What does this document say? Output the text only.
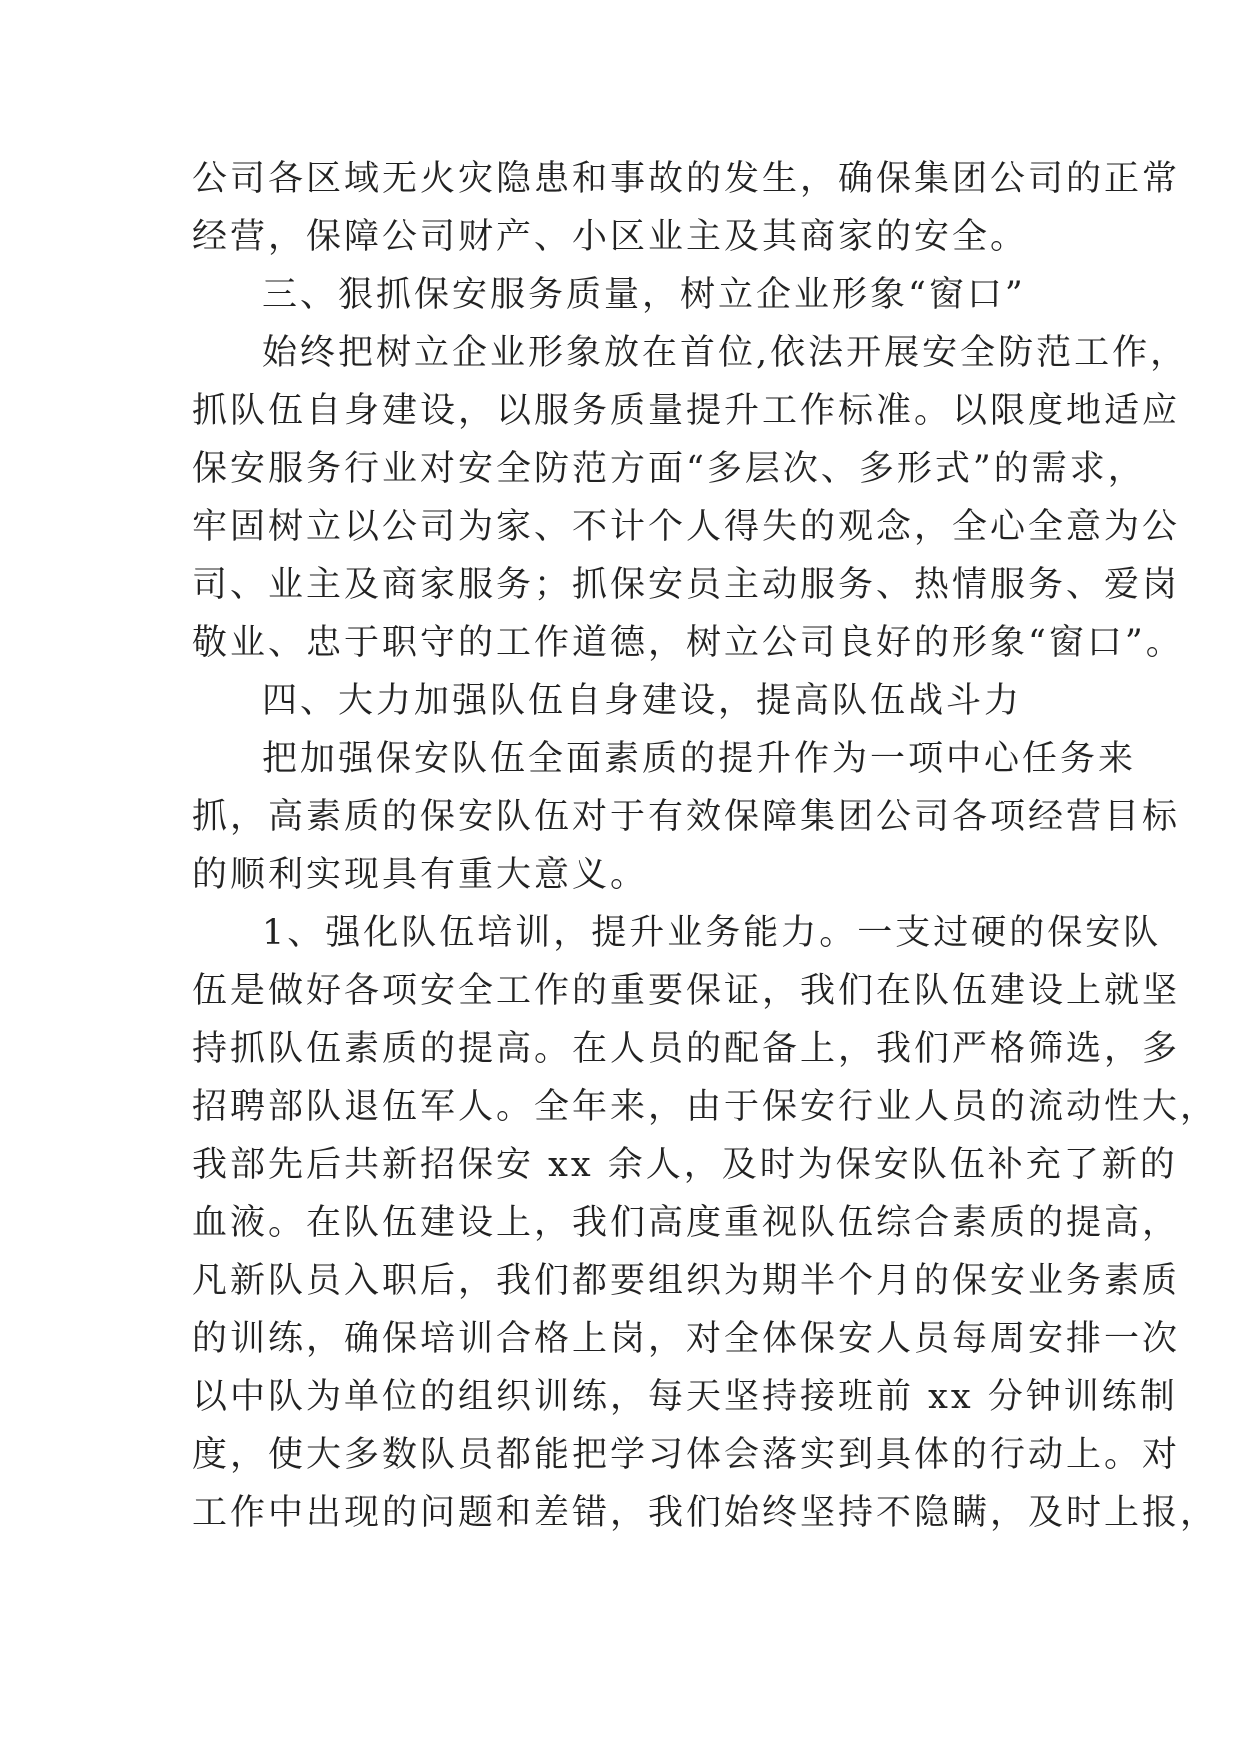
公司各区域无火灾隐患和事故的发生，确保集团公司的正常
经营，保障公司财产、小区业主及其商家的安全。
三、狠抓保安服务质量，树立企业形象“窗口”
始终把树立企业形象放在首位,依法开展安全防范工作，
抓队伍自身建设，以服务质量提升工作标准。以限度地适应
保安服务行业对安全防范方面“多层次、多形式”的需求，
牢固树立以公司为家、不计个人得失的观念，全心全意为公
司、业主及商家服务；抓保安员主动服务、热情服务、爱岗
敬业、忠于职守的工作道德，树立公司良好的形象“窗口”。
四、大力加强队伍自身建设，提高队伍战斗力
把加强保安队伍全面素质的提升作为一项中心任务来
抓，高素质的保安队伍对于有效保障集团公司各项经营目标
的顺利实现具有重大意义。
1、强化队伍培训，提升业务能力。一支过硬的保安队
伍是做好各项安全工作的重要保证，我们在队伍建设上就坚
持抓队伍素质的提高。在人员的配备上，我们严格筛选，多
招聘部队退伍军人。全年来，由于保安行业人员的流动性大，
我部先后共新招保安 xx 余人，及时为保安队伍补充了新的
血液。在队伍建设上，我们高度重视队伍综合素质的提高，
凡新队员入职后，我们都要组织为期半个月的保安业务素质
的训练，确保培训合格上岗，对全体保安人员每周安排一次
以中队为单位的组织训练，每天坚持接班前 xx 分钟训练制
度，使大多数队员都能把学习体会落实到具体的行动上。对
工作中出现的问题和差错，我们始终坚持不隐瞒，及时上报，
